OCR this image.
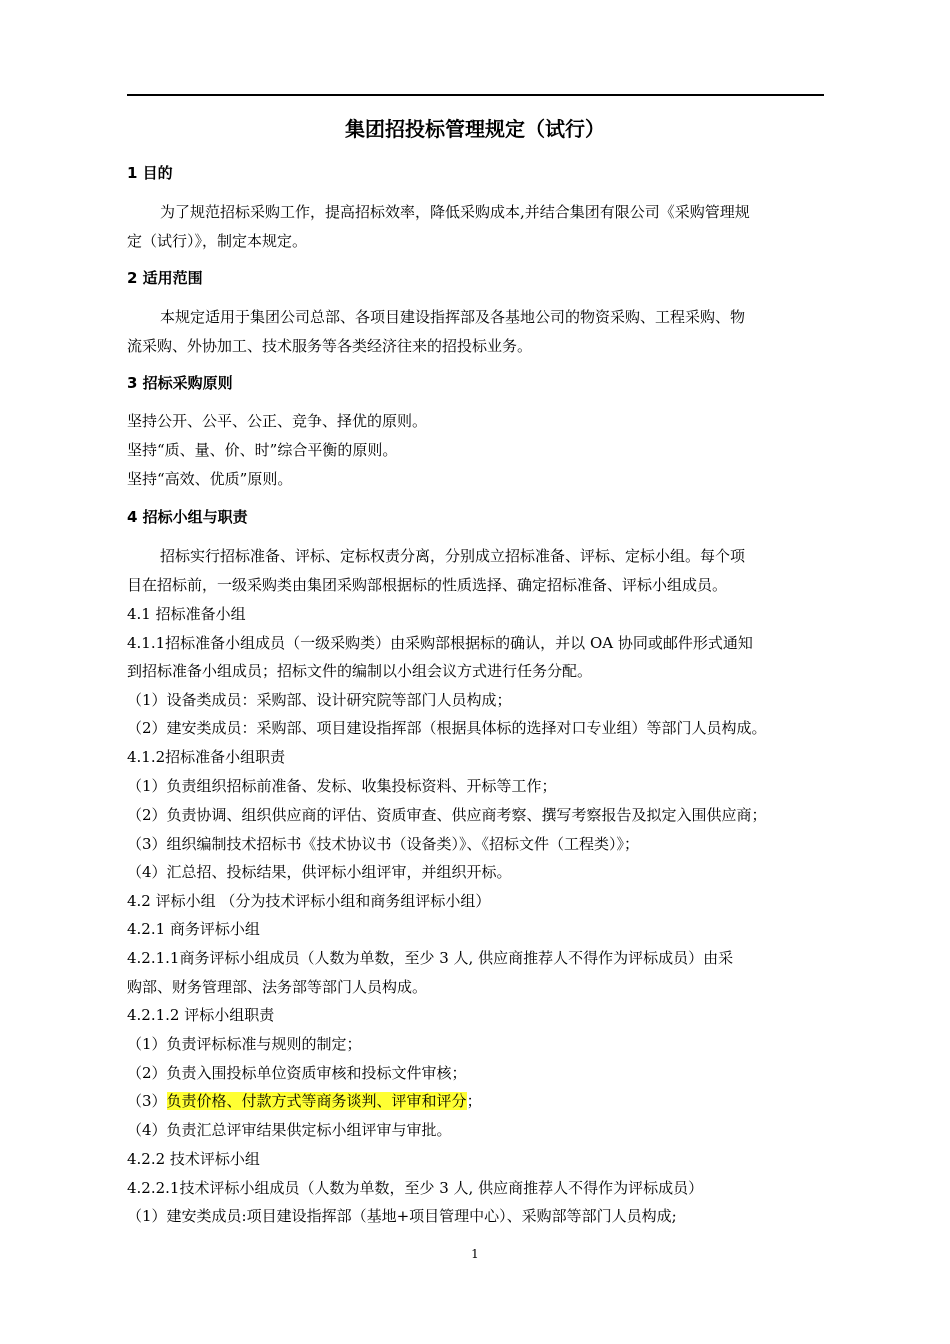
集团招投标管理规定（试行）
1 目的
为了规范招标采购工作，提高招标效率，降低采购成本,并结合集团有限公司《采购管理规
定（试行）》，制定本规定。
2 适用范围
本规定适用于集团公司总部、各项目建设指挥部及各基地公司的物资采购、工程采购、物
流采购、外协加工、技术服务等各类经济往来的招投标业务。
3 招标采购原则
坚持公开、公平、公正、竞争、择优的原则。
坚持“质、量、价、时”综合平衡的原则。
坚持“高效、优质”原则。
4 招标小组与职责
招标实行招标准备、评标、定标权责分离，分别成立招标准备、评标、定标小组。每个项
目在招标前，一级采购类由集团采购部根据标的性质选择、确定招标准备、评标小组成员。
4.1 招标准备小组
4.1.1招标准备小组成员（一级采购类）由采购部根据标的确认，并以 OA 协同或邮件形式通知
到招标准备小组成员；招标文件的编制以小组会议方式进行任务分配。
（1）设备类成员：采购部、设计研究院等部门人员构成；
（2）建安类成员：采购部、项目建设指挥部（根据具体标的选择对口专业组）等部门人员构成。
4.1.2招标准备小组职责
（1）负责组织招标前准备、发标、收集投标资料、开标等工作；
（2）负责协调、组织供应商的评估、资质审查、供应商考察、撰写考察报告及拟定入围供应商；
（3）组织编制技术招标书《技术协议书（设备类）》、《招标文件（工程类）》；
（4）汇总招、投标结果，供评标小组评审，并组织开标。
4.2 评标小组 （分为技术评标小组和商务组评标小组）
4.2.1 商务评标小组
4.2.1.1商务评标小组成员（人数为单数，至少 3 人, 供应商推荐人不得作为评标成员）由采
购部、财务管理部、法务部等部门人员构成。
4.2.1.2 评标小组职责
（1）负责评标标准与规则的制定；
（2）负责入围投标单位资质审核和投标文件审核；
（3）负责价格、付款方式等商务谈判、评审和评分；
（4）负责汇总评审结果供定标小组评审与审批。
4.2.2 技术评标小组
4.2.2.1技术评标小组成员（人数为单数，至少 3 人, 供应商推荐人不得作为评标成员）
（1）建安类成员:项目建设指挥部（基地+项目管理中心）、采购部等部门人员构成;
1
